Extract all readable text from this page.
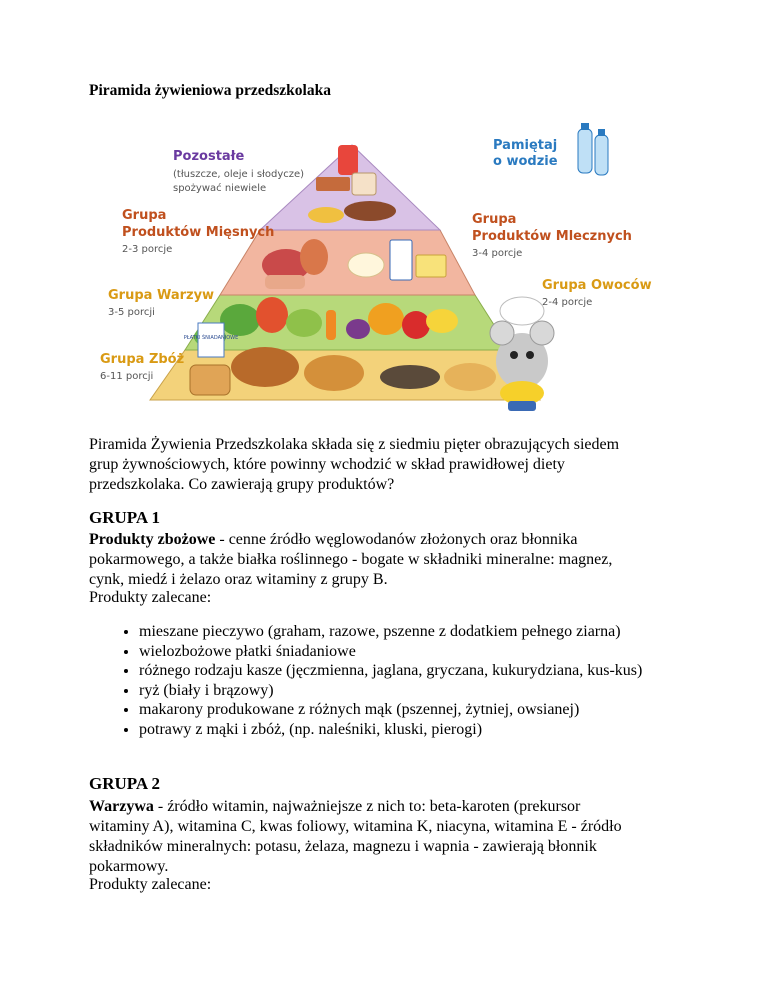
Piramida żywieniowa przedszkolaka
PŁATKI ŚNIADANIOWE
Pozostałe
(tłuszcze, oleje i słodycze)
spożywać niewiele
Grupa
Produktów Mięsnych
2-3 porcje
Grupa Warzyw
3-5 porcji
Grupa Zbóż
6-11 porcji
Pamiętaj
o wodzie
Grupa
Produktów Mlecznych
3-4 porcje
Grupa Owoców
2-4 porcje
Piramida Żywienia Przedszkolaka składa się z siedmiu pięter obrazujących siedem
grup żywnościowych, które powinny wchodzić w skład prawidłowej diety
przedszkolaka. Co zawierają grupy produktów?
GRUPA 1
Produkty zbożowe - cenne źródło węglowodanów złożonych oraz błonnika
pokarmowego, a także białka roślinnego - bogate w składniki mineralne: magnez,
cynk, miedź i żelazo oraz witaminy z grupy B.
Produkty zalecane:
• mieszane pieczywo (graham, razowe, pszenne z dodatkiem pełnego ziarna)
• wielozbożowe płatki śniadaniowe
• różnego rodzaju kasze (jęczmienna, jaglana, gryczana, kukurydziana, kus-kus)
• ryż (biały i brązowy)
• makarony produkowane z różnych mąk (pszennej, żytniej, owsianej)
• potrawy z mąki i zbóż, (np. naleśniki, kluski, pierogi)
GRUPA 2
Warzywa - źródło witamin, najważniejsze z nich to: beta-karoten (prekursor
witaminy A), witamina C, kwas foliowy, witamina K, niacyna, witamina E - źródło
składników mineralnych: potasu, żelaza, magnezu i wapnia - zawierają błonnik
pokarmowy.
Produkty zalecane:
